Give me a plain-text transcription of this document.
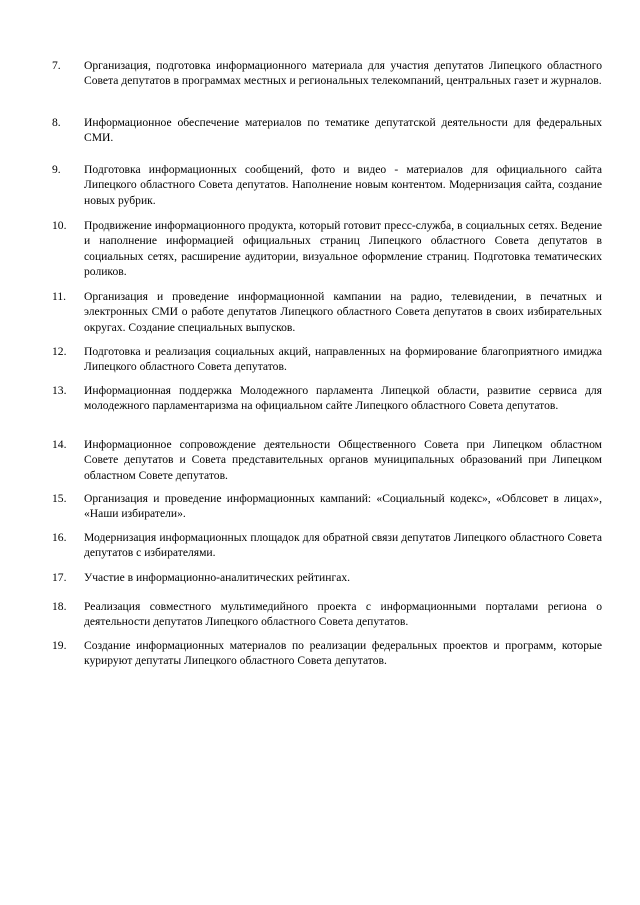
7.	Организация, подготовка информационного материала для участия депутатов Липецкого областного Совета депутатов в программах местных и региональных телекомпаний, центральных газет и журналов.
8.	Информационное обеспечение материалов по тематике депутатской деятельности для федеральных СМИ.
9.	Подготовка информационных сообщений, фото и видео - материалов для официального сайта Липецкого областного Совета депутатов. Наполнение новым контентом. Модернизация сайта, создание новых рубрик.
10.	Продвижение информационного продукта, который готовит пресс-служба, в социальных сетях. Ведение и наполнение информацией официальных страниц Липецкого областного Совета депутатов в социальных сетях, расширение аудитории, визуальное оформление страниц. Подготовка тематических роликов.
11.	Организация и проведение информационной кампании на радио, телевидении, в печатных и электронных СМИ о работе депутатов Липецкого областного Совета депутатов в своих избирательных округах. Создание специальных выпусков.
12.	Подготовка и реализация социальных акций, направленных на формирование благоприятного имиджа Липецкого областного Совета депутатов.
13.	Информационная поддержка Молодежного парламента Липецкой области, развитие сервиса для молодежного парламентаризма на официальном сайте Липецкого областного Совета депутатов.
14.	Информационное сопровождение деятельности Общественного Совета при Липецком областном Совете депутатов и Совета представительных органов муниципальных образований при Липецком областном Совете депутатов.
15.	Организация и проведение информационных кампаний: «Социальный кодекс», «Облсовет в лицах», «Наши избиратели».
16.	Модернизация информационных площадок для обратной связи депутатов Липецкого областного Совета депутатов с избирателями.
17.	Участие в информационно-аналитических рейтингах.
18.	Реализация совместного мультимедийного проекта с информационными порталами региона о деятельности депутатов Липецкого областного Совета депутатов.
19.	Создание информационных материалов по реализации федеральных проектов и программ, которые курируют депутаты Липецкого областного Совета депутатов.
